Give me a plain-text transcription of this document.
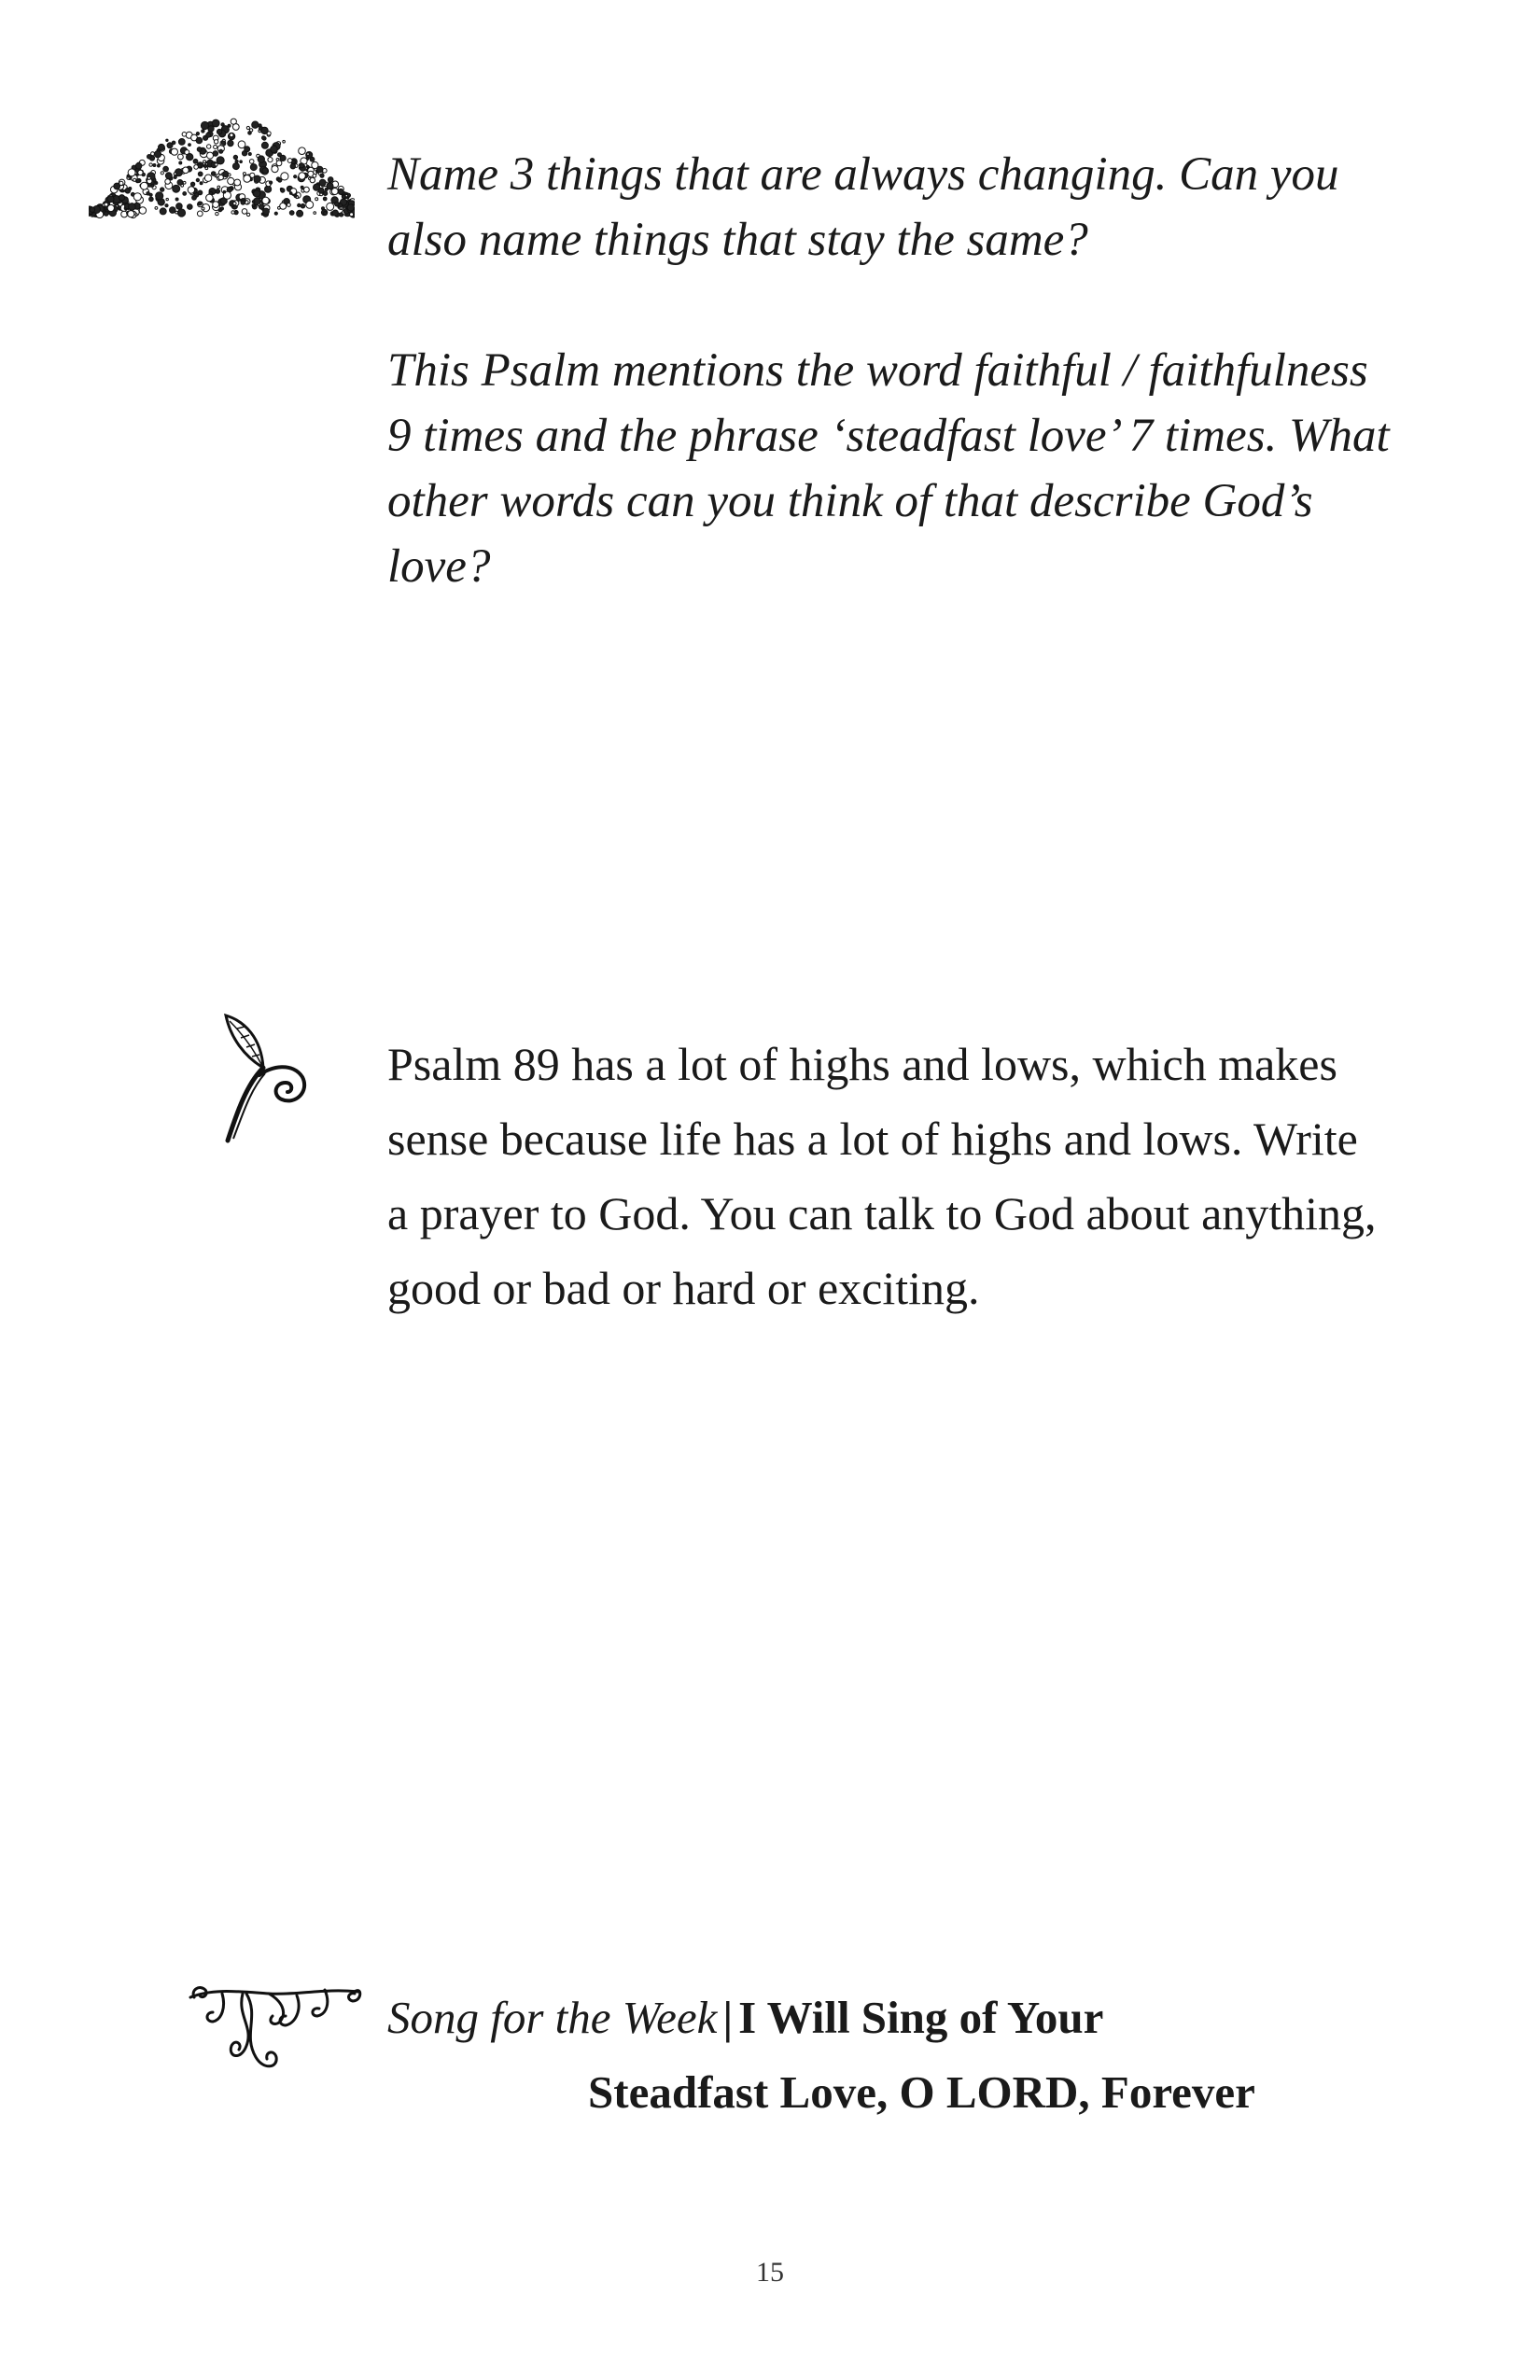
Name 3 things that are always changing. Can you also name things that stay the same?

This Psalm mentions the word faithful / faithfulness 9 times and the phrase ‘steadfast love’ 7 times. What other words can you think of that describe God’s love?

Psalm 89 has a lot of highs and lows, which makes sense because life has a lot of highs and lows. Write a prayer to God. You can talk to God about anything, good or bad or hard or exciting.

Song for the Week | I Will Sing of Your
Steadfast Love, O LORD, Forever
15
